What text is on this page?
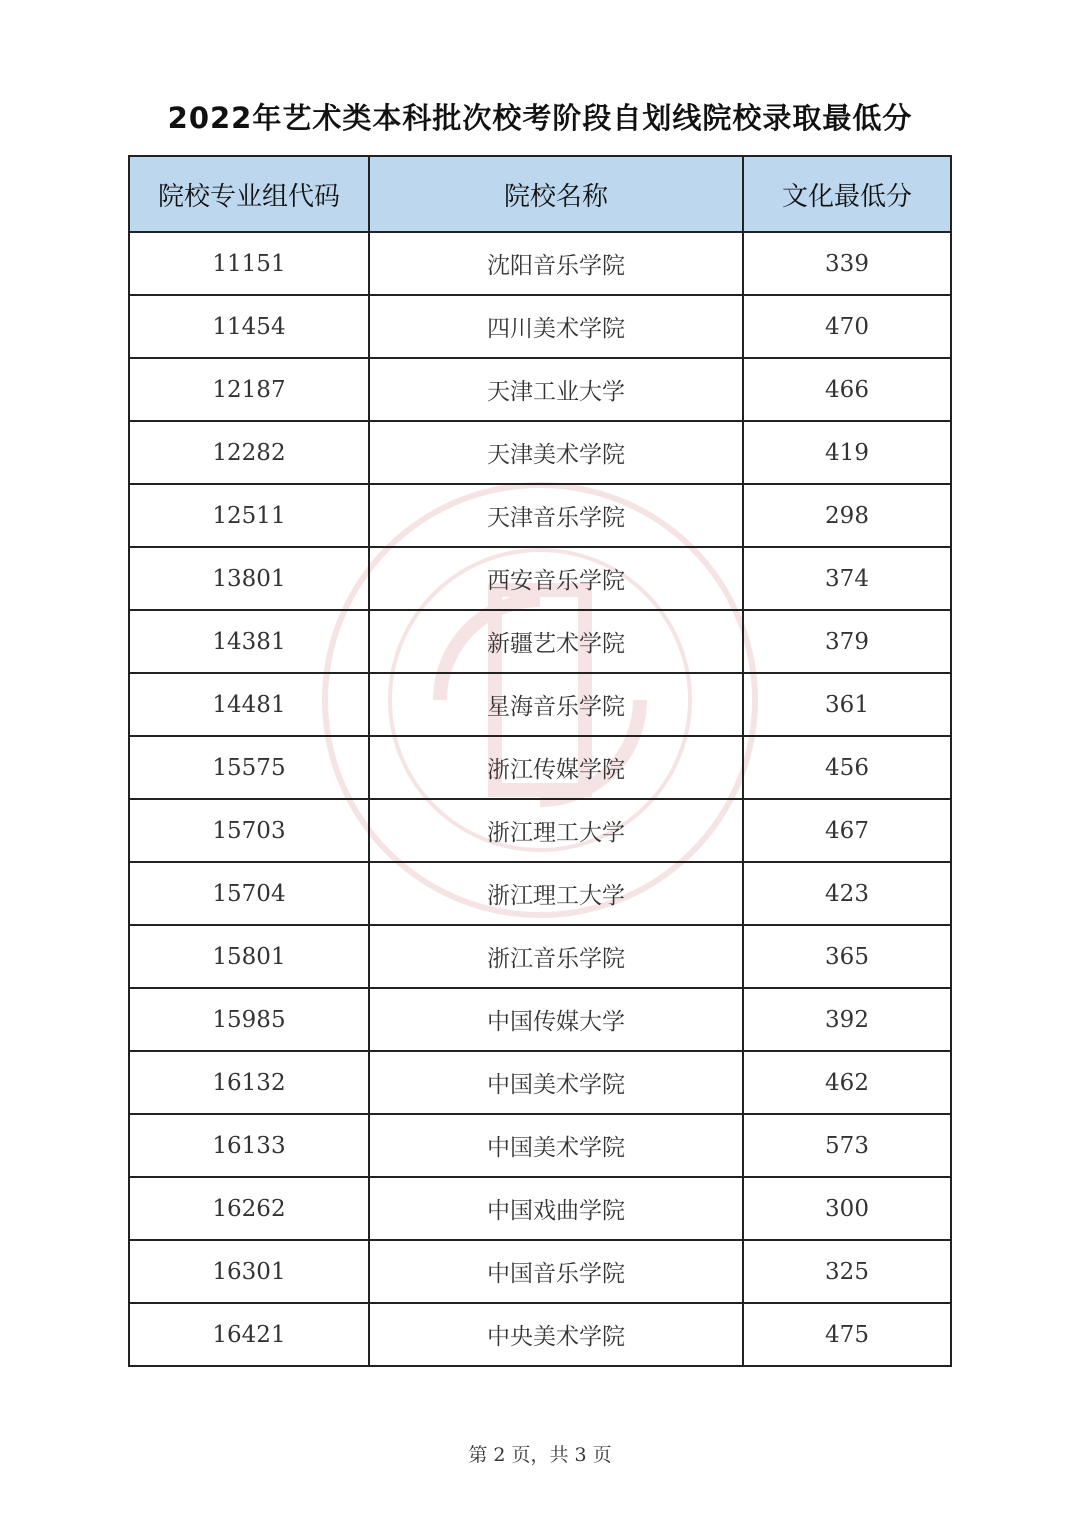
2022年艺术类本科批次校考阶段自划线院校录取最低分
院校专业组代码	院校名称	文化最低分
11151	沈阳音乐学院	339
11454	四川美术学院	470
12187	天津工业大学	466
12282	天津美术学院	419
12511	天津音乐学院	298
13801	西安音乐学院	374
14381	新疆艺术学院	379
14481	星海音乐学院	361
15575	浙江传媒学院	456
15703	浙江理工大学	467
15704	浙江理工大学	423
15801	浙江音乐学院	365
15985	中国传媒大学	392
16132	中国美术学院	462
16133	中国美术学院	573
16262	中国戏曲学院	300
16301	中国音乐学院	325
16421	中央美术学院	475
第 2 页，共 3 页
